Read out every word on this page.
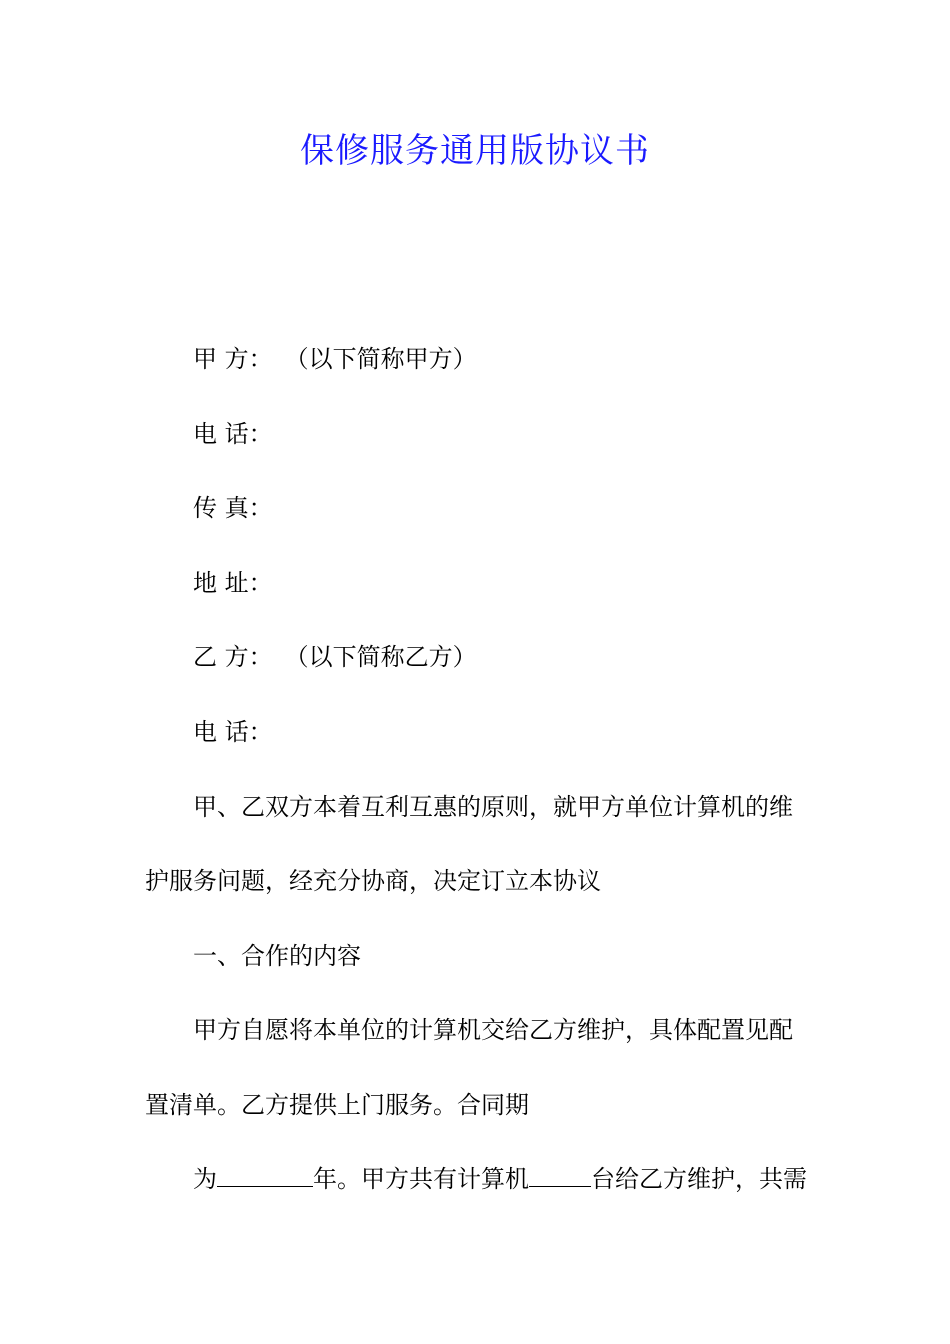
保修服务通用版协议书
甲 方： （以下简称甲方）
电 话：
传 真：
地 址：
乙 方： （以下简称乙方）
电 话：
甲、乙双方本着互利互惠的原则，就甲方单位计算机的维
护服务问题，经充分协商，决定订立本协议
一、合作的内容
甲方自愿将本单位的计算机交给乙方维护，具体配置见配
置清单。乙方提供上门服务。合同期
为	年。甲方共有计算机	台给乙方维护，共需
